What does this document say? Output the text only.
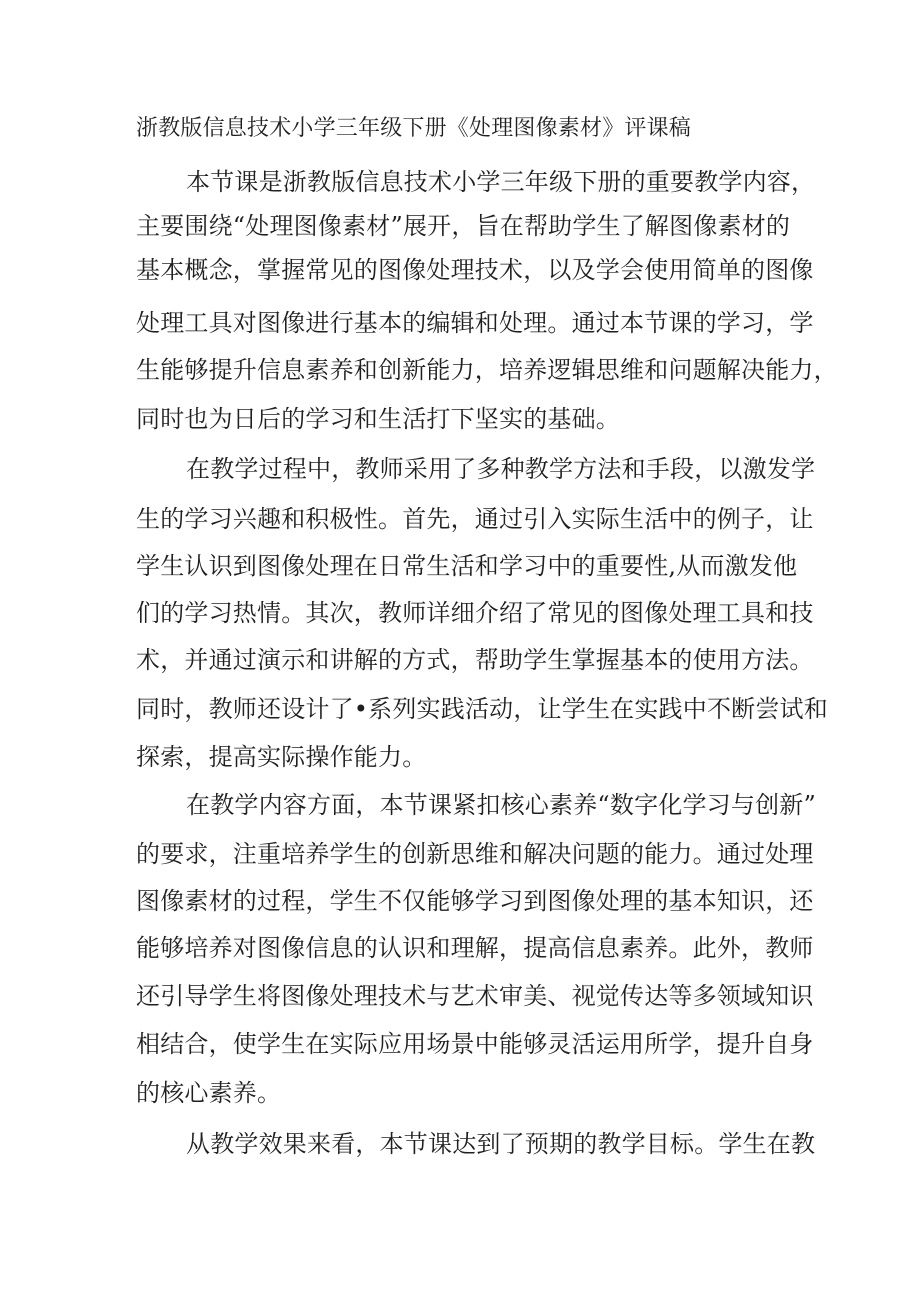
浙教版信息技术小学三年级下册《处理图像素材》评课稿
本节课是浙教版信息技术小学三年级下册的重要教学内容，
主要围绕“处理图像素材”展开，旨在帮助学生了解图像素材的
基本概念，掌握常见的图像处理技术，以及学会使用简单的图像
处理工具对图像进行基本的编辑和处理。通过本节课的学习，学
生能够提升信息素养和创新能力，培养逻辑思维和问题解决能力，
同时也为日后的学习和生活打下坚实的基础。
在教学过程中，教师采用了多种教学方法和手段，以激发学
生的学习兴趣和积极性。首先，通过引入实际生活中的例子，让
学生认识到图像处理在日常生活和学习中的重要性,从而激发他
们的学习热情。其次，教师详细介绍了常见的图像处理工具和技
术，并通过演示和讲解的方式，帮助学生掌握基本的使用方法。
同时，教师还设计了•系列实践活动，让学生在实践中不断尝试和
探索，提高实际操作能力。
在教学内容方面，本节课紧扣核心素养“数字化学习与创新”
的要求，注重培养学生的创新思维和解决问题的能力。通过处理
图像素材的过程，学生不仅能够学习到图像处理的基本知识，还
能够培养对图像信息的认识和理解，提高信息素养。此外，教师
还引导学生将图像处理技术与艺术审美、视觉传达等多领域知识
相结合，使学生在实际应用场景中能够灵活运用所学，提升自身
的核心素养。
从教学效果来看，本节课达到了预期的教学目标。学生在教
